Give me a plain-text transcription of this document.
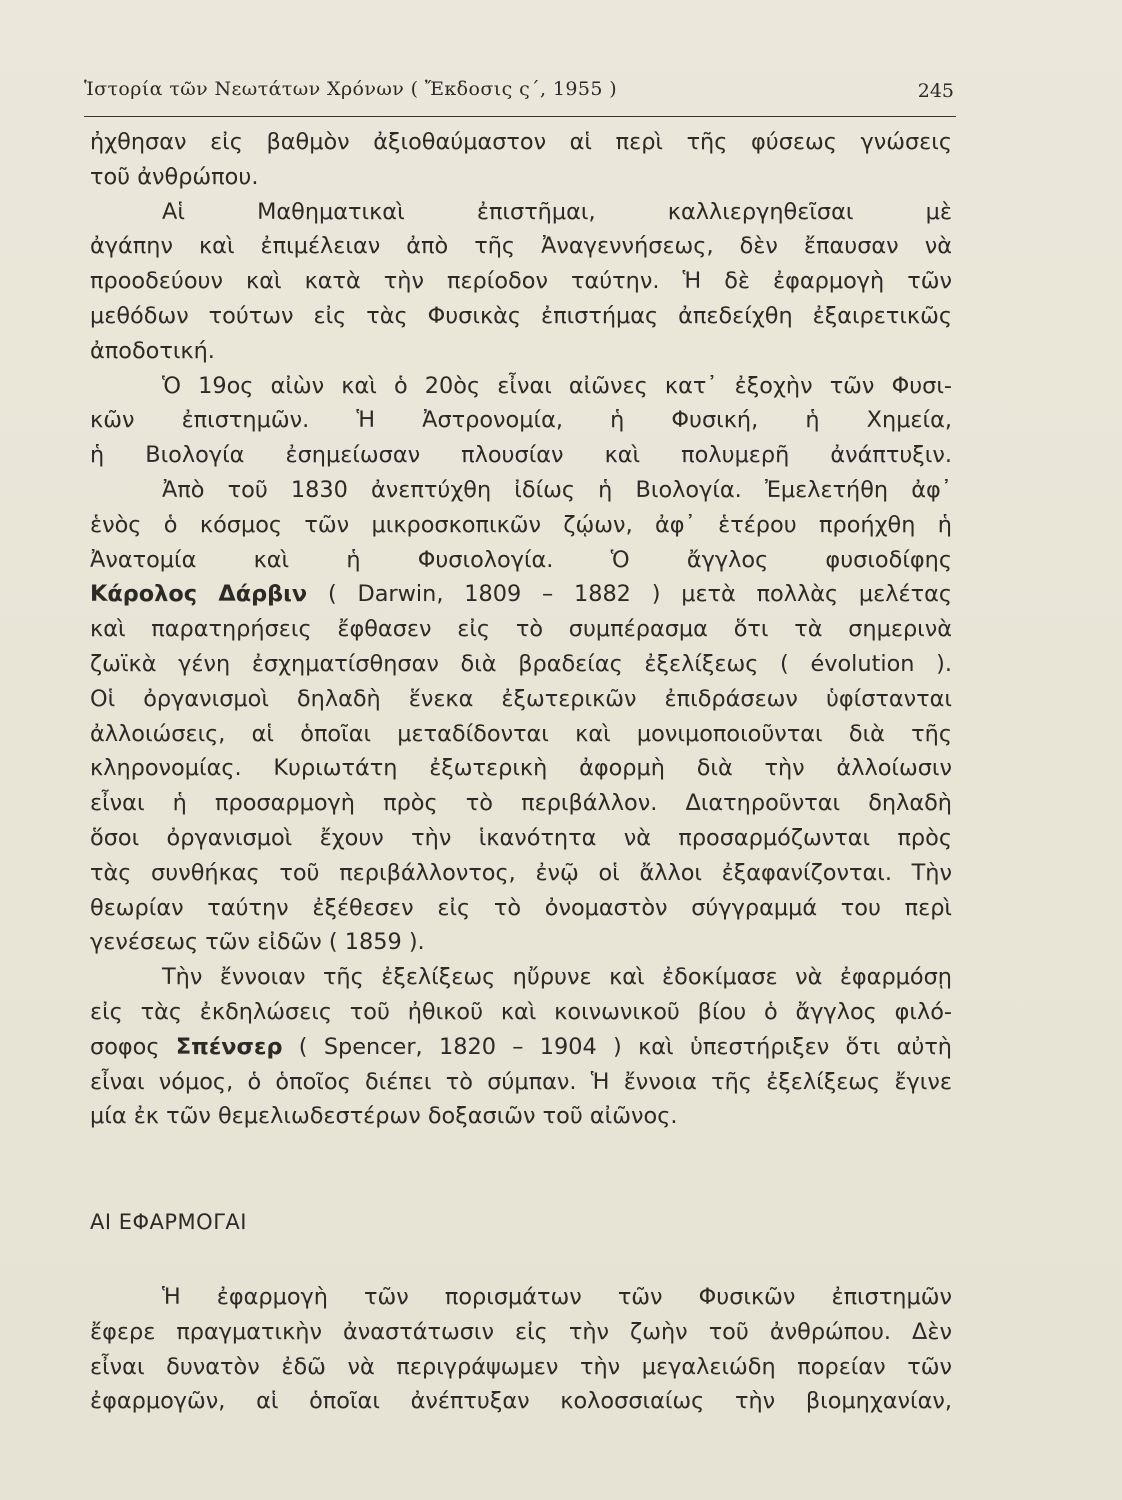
Ἱστορία τῶν Νεωτάτων Χρόνων ( Ἔκδοσις ς΄, 1955 )	245
ἠχθησαν εἰς βαθμὸν ἀξιοθαύμαστον αἱ περὶ τῆς φύσεως γνώσεις
τοῦ ἀνθρώπου.
Αἱ Μαθηματικαὶ ἐπιστῆμαι, καλλιεργηθεῖσαι μὲ
ἀγάπην καὶ ἐπιμέλειαν ἀπὸ τῆς Ἀναγεννήσεως, δὲν ἔπαυσαν νὰ
προοδεύουν καὶ κατὰ τὴν περίοδον ταύτην. Ἡ δὲ ἐφαρμογὴ τῶν
μεθόδων τούτων εἰς τὰς Φυσικὰς ἐπιστήμας ἀπεδείχθη ἐξαιρετικῶς
ἀποδοτική.
Ὁ 19ος αἰὼν καὶ ὁ 20ὸς εἶναι αἰῶνες κατ᾽ ἐξοχὴν τῶν Φυσι-
κῶν ἐπιστημῶν. Ἡ Ἀστρονομία, ἡ Φυσική, ἡ Χημεία,
ἡ Βιολογία ἐσημείωσαν πλουσίαν καὶ πολυμερῆ ἀνάπτυξιν.
Ἀπὸ τοῦ 1830 ἀνεπτύχθη ἰδίως ἡ Βιολογία. Ἐμελετήθη ἀφ᾽
ἑνὸς ὁ κόσμος τῶν μικροσκοπικῶν ζῴων, ἀφ᾽ ἑτέρου προήχθη ἡ
Ἀνατομία καὶ ἡ Φυσιολογία. Ὁ ἄγγλος φυσιοδίφης
Κάρολος Δάρβιν ( Darwin, 1809 – 1882 ) μετὰ πολλὰς μελέτας
καὶ παρατηρήσεις ἔφθασεν εἰς τὸ συμπέρασμα ὅτι τὰ σημερινὰ
ζωϊκὰ γένη ἐσχηματίσθησαν διὰ βραδείας ἐξελίξεως ( évolution ).
Οἱ ὀργανισμοὶ δηλαδὴ ἕνεκα ἐξωτερικῶν ἐπιδράσεων ὑφίστανται
ἀλλοιώσεις, αἱ ὁποῖαι μεταδίδονται καὶ μονιμοποιοῦνται διὰ τῆς
κληρονομίας. Κυριωτάτη ἐξωτερικὴ ἀφορμὴ διὰ τὴν ἀλλοίωσιν
εἶναι ἡ προσαρμογὴ πρὸς τὸ περιβάλλον. Διατηροῦνται δηλαδὴ
ὅσοι ὀργανισμοὶ ἔχουν τὴν ἱκανότητα νὰ προσαρμόζωνται πρὸς
τὰς συνθήκας τοῦ περιβάλλοντος, ἐνῷ οἱ ἄλλοι ἐξαφανίζονται. Τὴν
θεωρίαν ταύτην ἐξέθεσεν εἰς τὸ ὀνομαστὸν σύγγραμμά του περὶ
γενέσεως τῶν εἰδῶν ( 1859 ).
Τὴν ἔννοιαν τῆς ἐξελίξεως ηὔρυνε καὶ ἐδοκίμασε νὰ ἐφαρμόσῃ
εἰς τὰς ἐκδηλώσεις τοῦ ἠθικοῦ καὶ κοινωνικοῦ βίου ὁ ἄγγλος φιλό-
σοφος Σπένσερ ( Spencer, 1820 – 1904 ) καὶ ὑπεστήριξεν ὅτι αὐτὴ
εἶναι νόμος, ὁ ὁποῖος διέπει τὸ σύμπαν. Ἡ ἔννοια τῆς ἐξελίξεως ἔγινε
μία ἐκ τῶν θεμελιωδεστέρων δοξασιῶν τοῦ αἰῶνος.
ΑΙ ΕΦΑΡΜΟΓΑΙ
Ἡ ἐφαρμογὴ τῶν πορισμάτων τῶν Φυσικῶν ἐπιστημῶν
ἔφερε πραγματικὴν ἀναστάτωσιν εἰς τὴν ζωὴν τοῦ ἀνθρώπου. Δὲν
εἶναι δυνατὸν ἐδῶ νὰ περιγράψωμεν τὴν μεγαλειώδη πορείαν τῶν
ἐφαρμογῶν, αἱ ὁποῖαι ἀνέπτυξαν κολοσσιαίως τὴν βιομηχανίαν,
